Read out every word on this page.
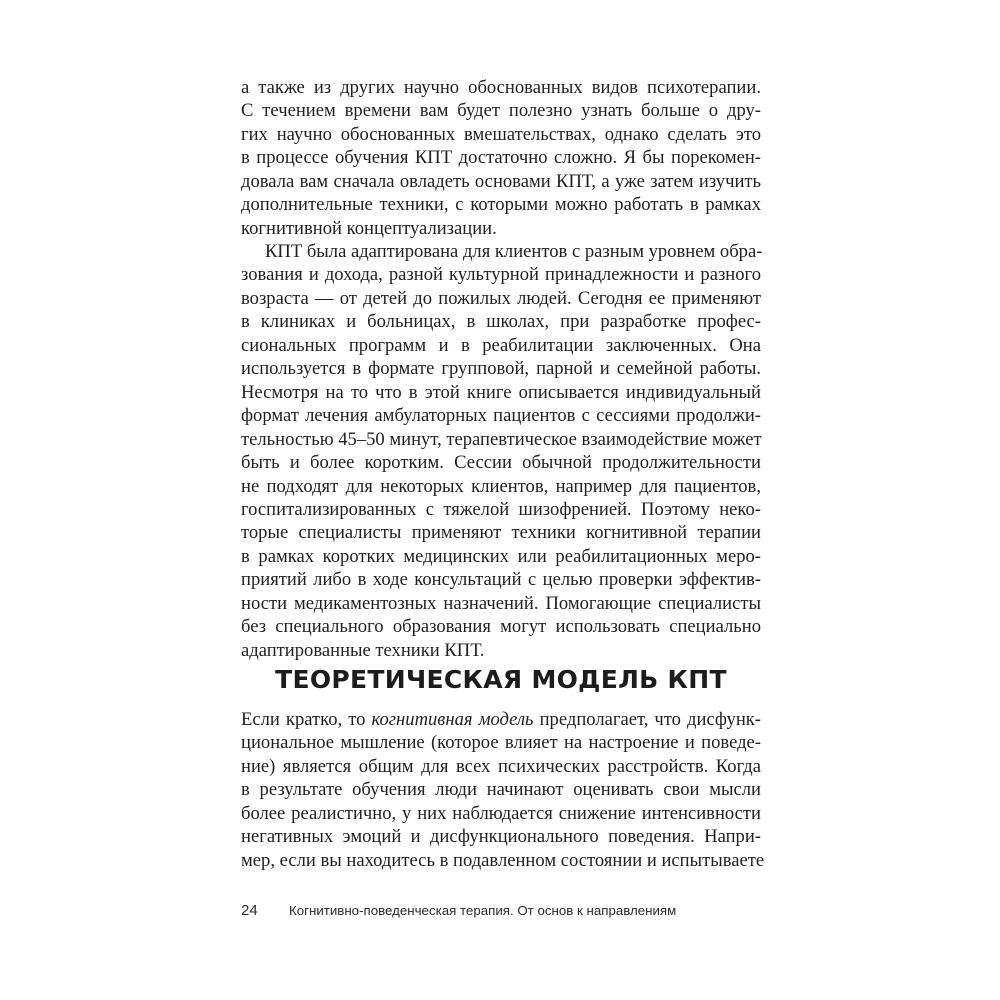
а также из других научно обоснованных видов психотерапии.
С течением времени вам будет полезно узнать больше о дру-
гих научно обоснованных вмешательствах, однако сделать это
в процессе обучения КПТ достаточно сложно. Я бы порекомен-
довала вам сначала овладеть основами КПТ, а уже затем изучить
дополнительные техники, с которыми можно работать в рамках
когнитивной концептуализации.
КПТ была адаптирована для клиентов с разным уровнем обра-
зования и дохода, разной культурной принадлежности и разного
возраста — от детей до пожилых людей. Сегодня ее применяют
в клиниках и больницах, в школах, при разработке профес-
сиональных программ и в реабилитации заключенных. Она
используется в формате групповой, парной и семейной работы.
Несмотря на то что в этой книге описывается индивидуальный
формат лечения амбулаторных пациентов с сессиями продолжи-
тельностью 45–50 минут, терапевтическое взаимодействие может
быть и более коротким. Сессии обычной продолжительности
не подходят для некоторых клиентов, например для пациентов,
госпитализированных с тяжелой шизофренией. Поэтому неко-
торые специалисты применяют техники когнитивной терапии
в рамках коротких медицинских или реабилитационных меро-
приятий либо в ходе консультаций с целью проверки эффектив-
ности медикаментозных назначений. Помогающие специалисты
без специального образования могут использовать специально
адаптированные техники КПТ.
ТЕОРЕТИЧЕСКАЯ МОДЕЛЬ КПТ
Если кратко, то когнитивная модель предполагает, что дисфунк-
циональное мышление (которое влияет на настроение и поведе-
ние) является общим для всех психических расстройств. Когда
в результате обучения люди начинают оценивать свои мысли
более реалистично, у них наблюдается снижение интенсивности
негативных эмоций и дисфункционального поведения. Напри-
мер, если вы находитесь в подавленном состоянии и испытываете
24 Когнитивно-поведенческая терапия. От основ к направлениям
